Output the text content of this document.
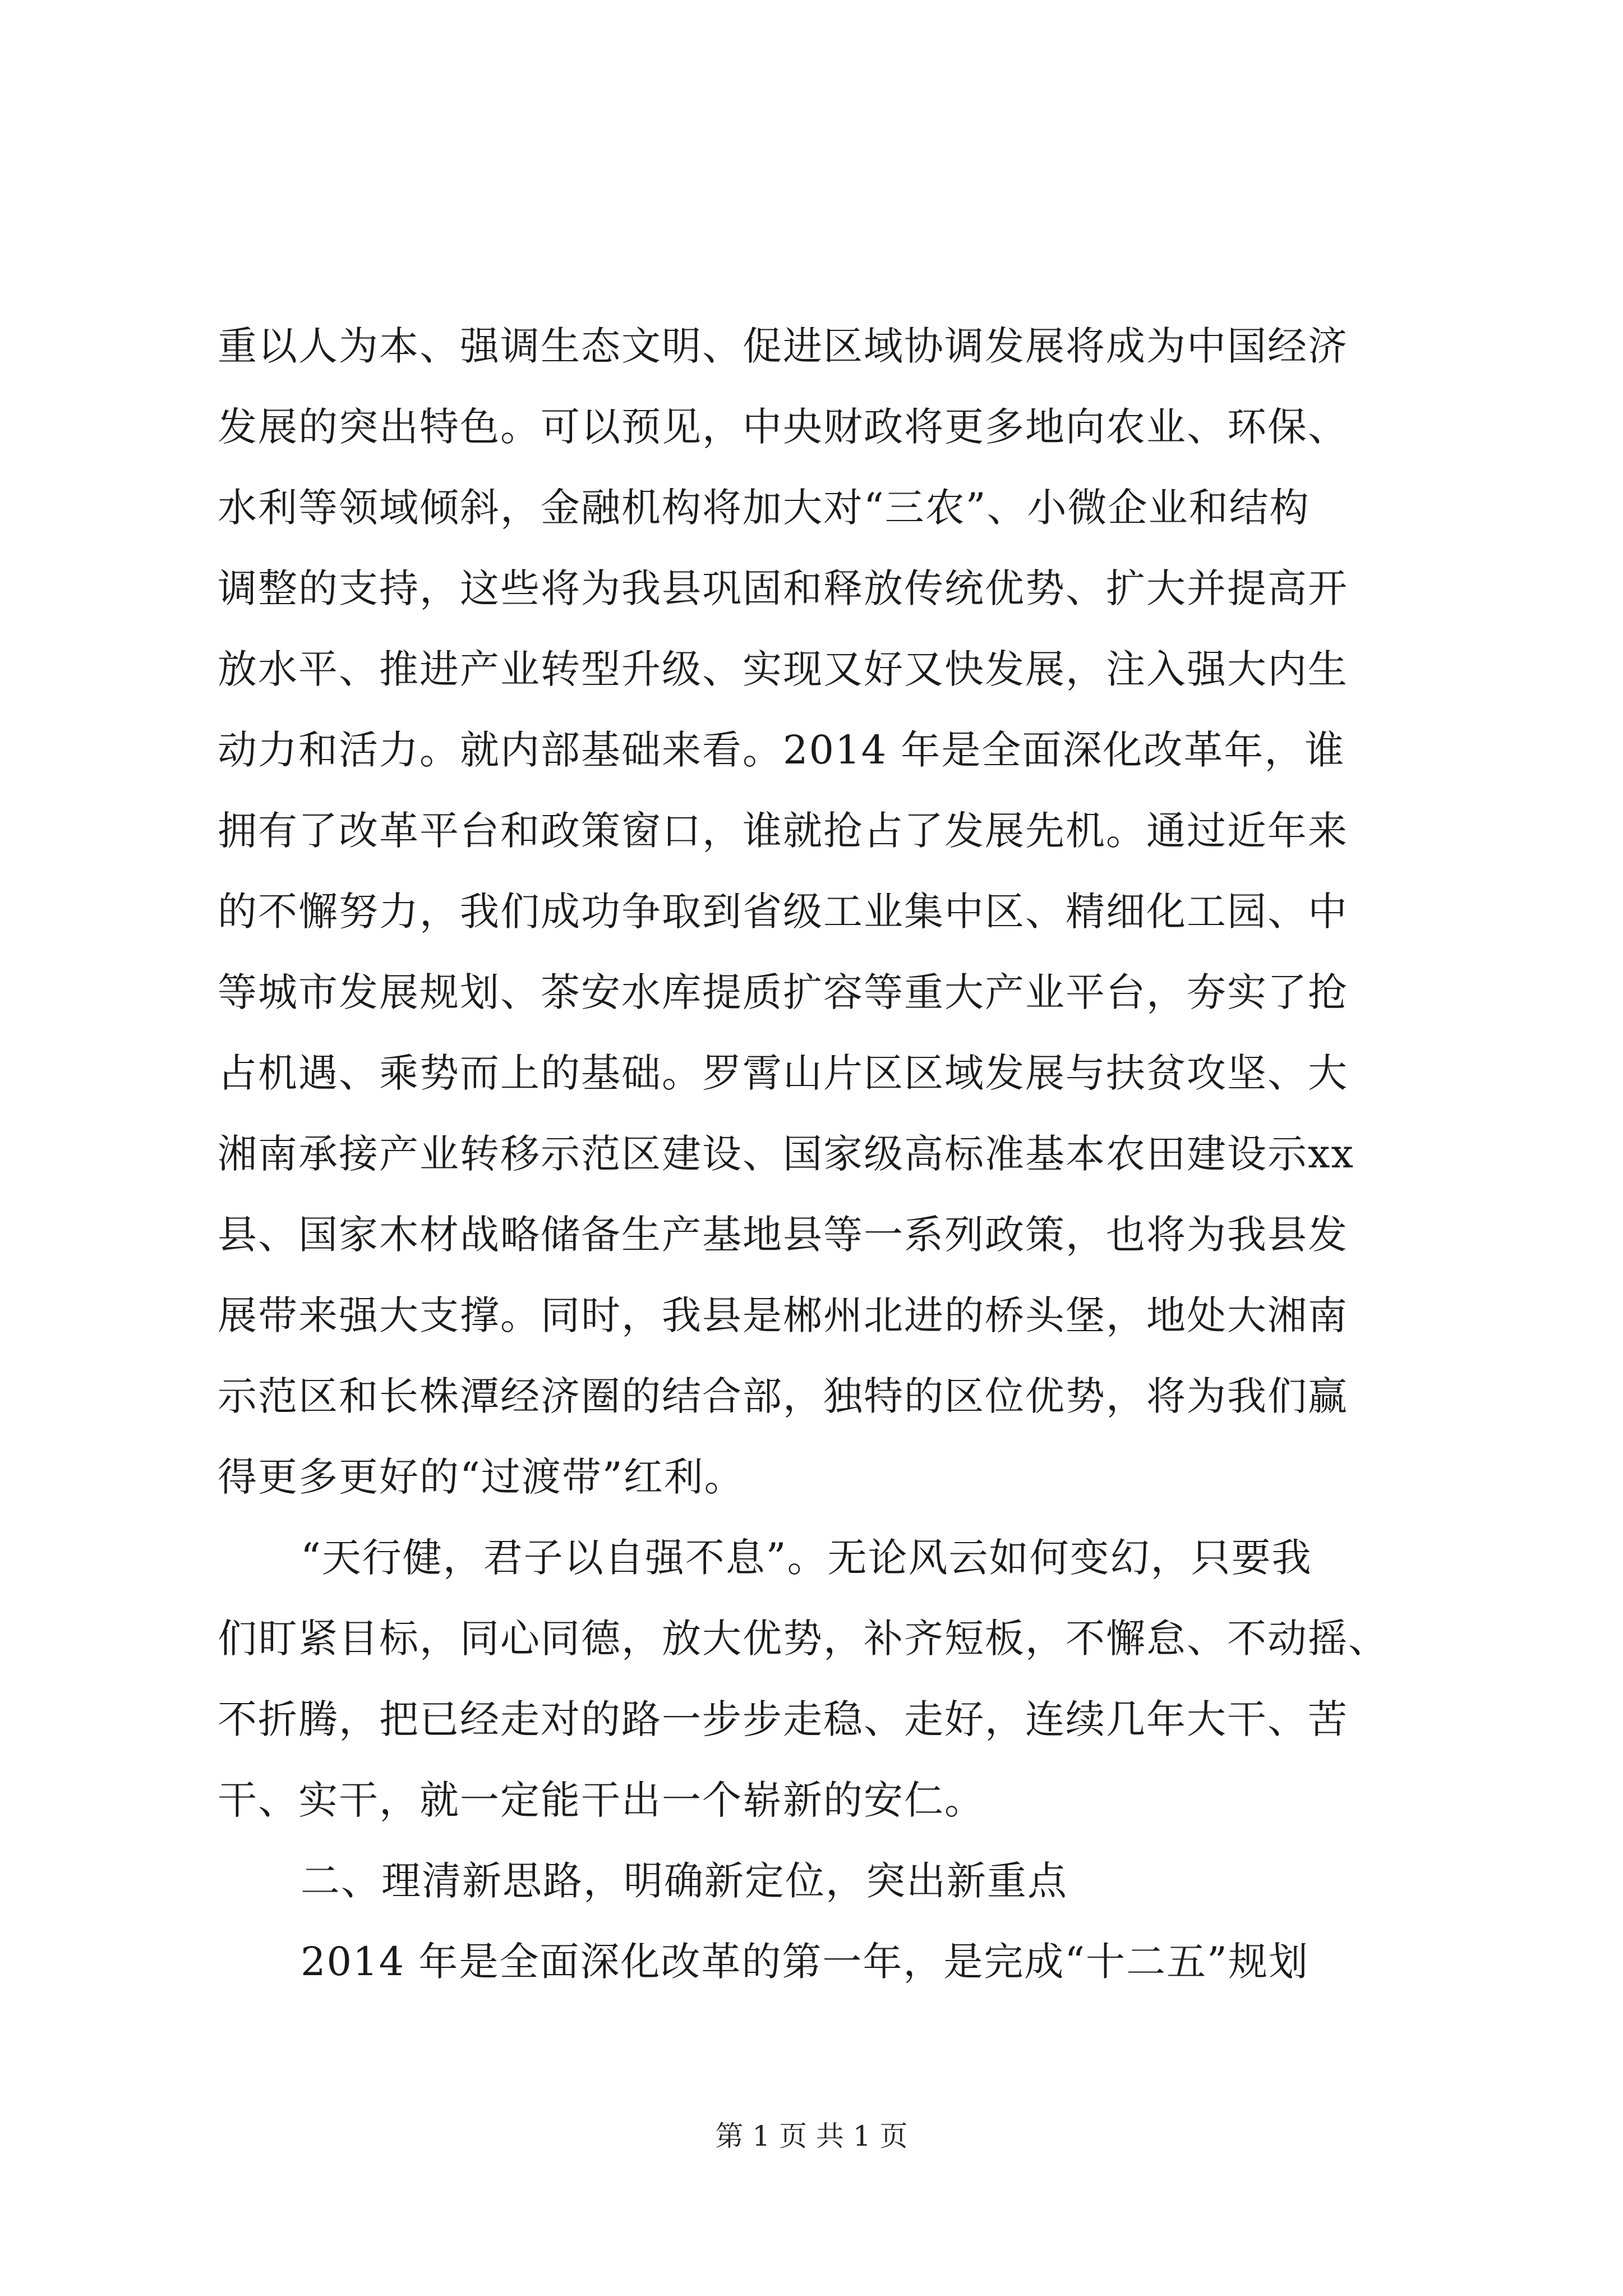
重以人为本、强调生态文明、促进区域协调发展将成为中国经济
发展的突出特色。可以预见，中央财政将更多地向农业、环保、
水利等领域倾斜，金融机构将加大对“三农”、小微企业和结构
调整的支持，这些将为我县巩固和释放传统优势、扩大并提高开
放水平、推进产业转型升级、实现又好又快发展，注入强大内生
动力和活力。就内部基础来看。2014 年是全面深化改革年，谁
拥有了改革平台和政策窗口，谁就抢占了发展先机。通过近年来
的不懈努力，我们成功争取到省级工业集中区、精细化工园、中
等城市发展规划、茶安水库提质扩容等重大产业平台，夯实了抢
占机遇、乘势而上的基础。罗霄山片区区域发展与扶贫攻坚、大
湘南承接产业转移示范区建设、国家级高标准基本农田建设示xx
县、国家木材战略储备生产基地县等一系列政策，也将为我县发
展带来强大支撑。同时，我县是郴州北进的桥头堡，地处大湘南
示范区和长株潭经济圈的结合部，独特的区位优势，将为我们赢
得更多更好的“过渡带”红利。
“天行健，君子以自强不息”。无论风云如何变幻，只要我
们盯紧目标，同心同德，放大优势，补齐短板，不懈怠、不动摇、
不折腾，把已经走对的路一步步走稳、走好，连续几年大干、苦
干、实干，就一定能干出一个崭新的安仁。
二、理清新思路，明确新定位，突出新重点
2014 年是全面深化改革的第一年，是完成“十二五”规划
第 1 页 共 1 页
